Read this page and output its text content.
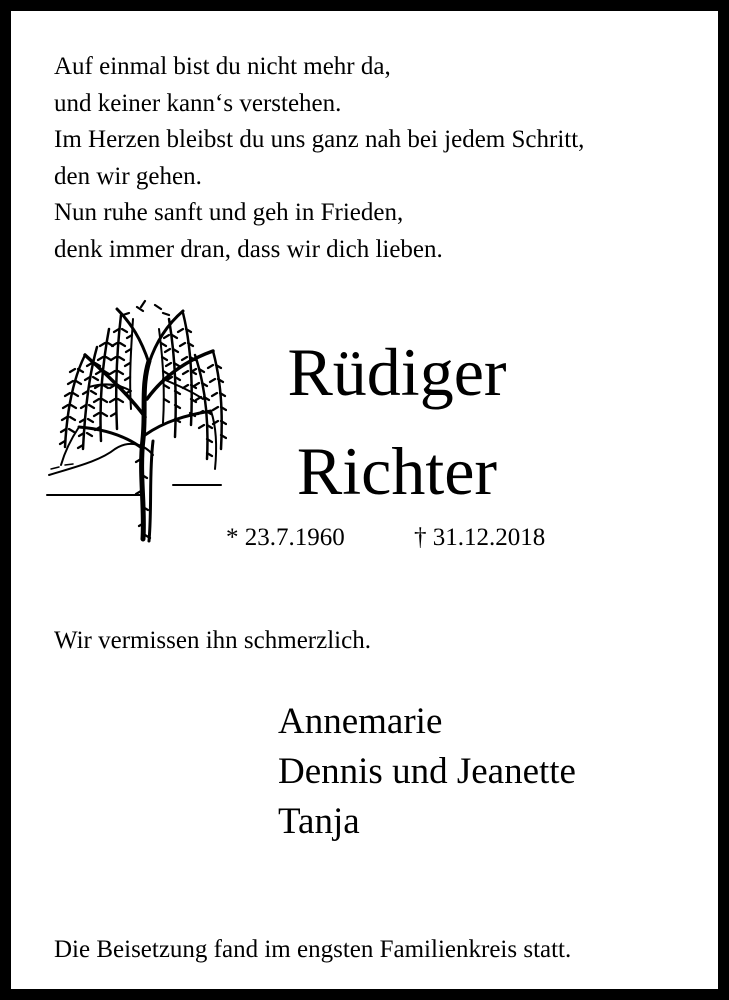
Auf einmal bist du nicht mehr da,
und keiner kann‘s verstehen.
Im Herzen bleibst du uns ganz nah bei jedem Schritt,
den wir gehen.
Nun ruhe sanft und geh in Frieden,
denk immer dran, dass wir dich lieben.
Rüdiger
Richter
* 23.7.1960	† 31.12.2018
Wir vermissen ihn schmerzlich.
Annemarie
Dennis und Jeanette
Tanja
Die Beisetzung fand im engsten Familienkreis statt.
